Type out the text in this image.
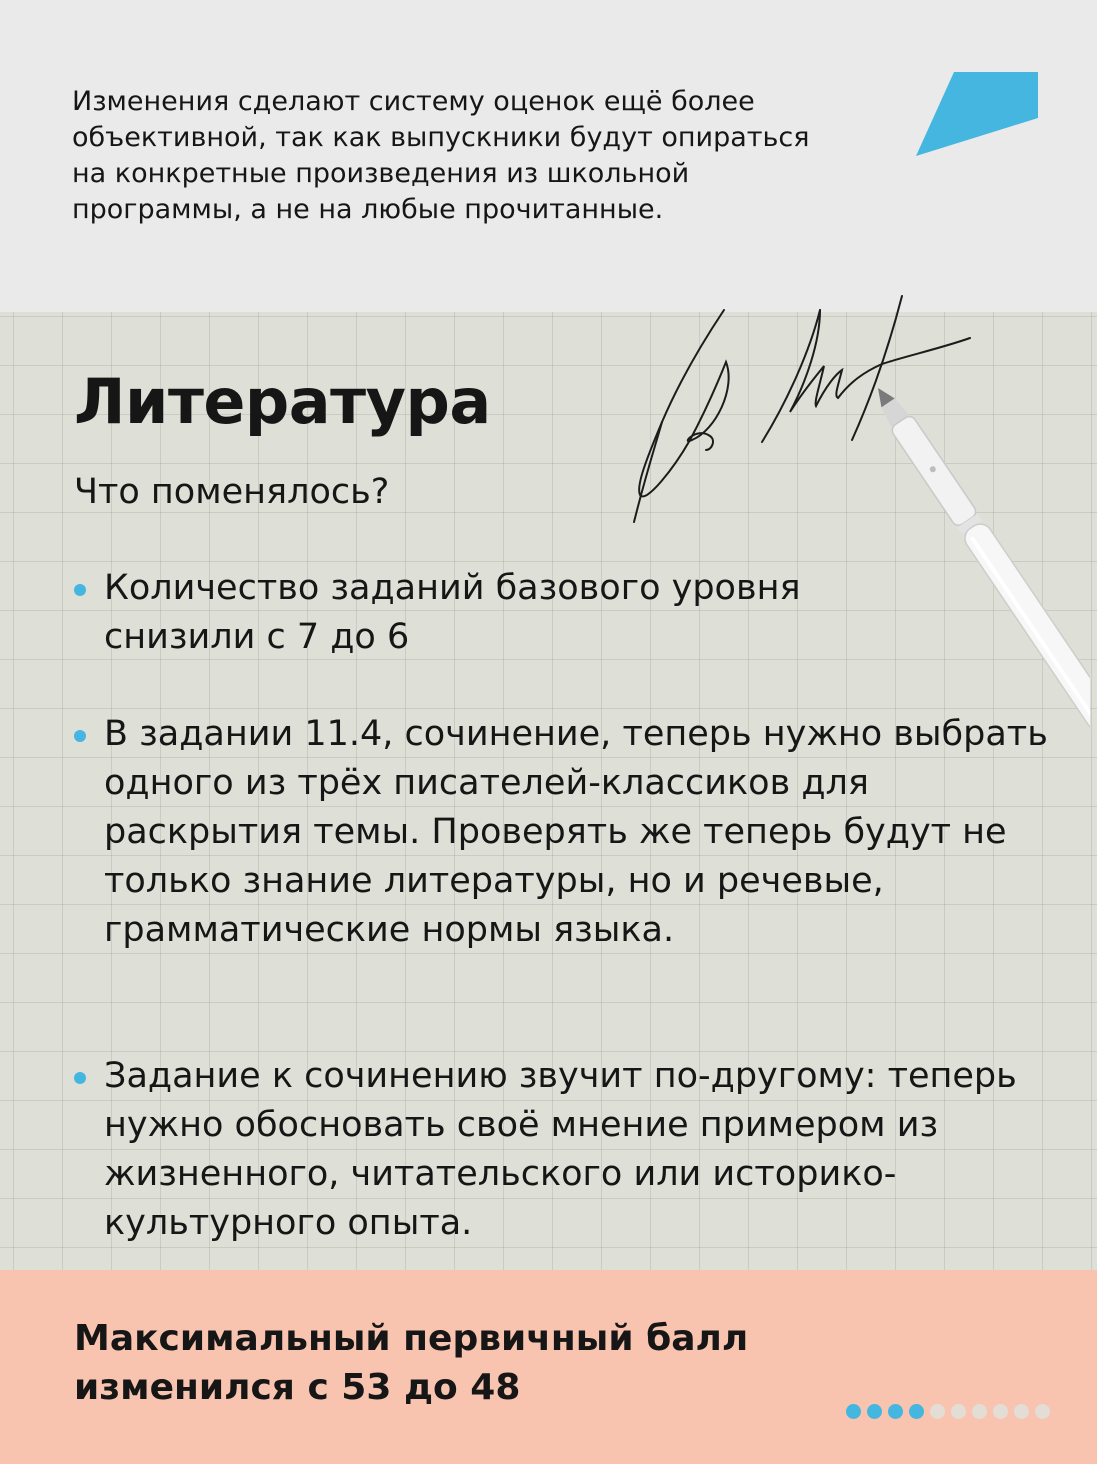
Изменения сделают систему оценок ещё более объективной, так как выпускники будут опираться на конкретные произведения из школьной программы, а не на любые прочитанные.

Литература
Что поменялось?
Количество заданий базового уровня снизили с 7 до 6
В задании 11.4, сочинение, теперь нужно выбрать одного из трёх писателей-классиков для раскрытия темы. Проверять же теперь будут не только знание литературы, но и речевые, грамматические нормы языка.
Задание к сочинению звучит по-другому: теперь нужно обосновать своё мнение примером из жизненного, читательского или историко-культурного опыта.

Максимальный первичный балл изменился с 53 до 48
